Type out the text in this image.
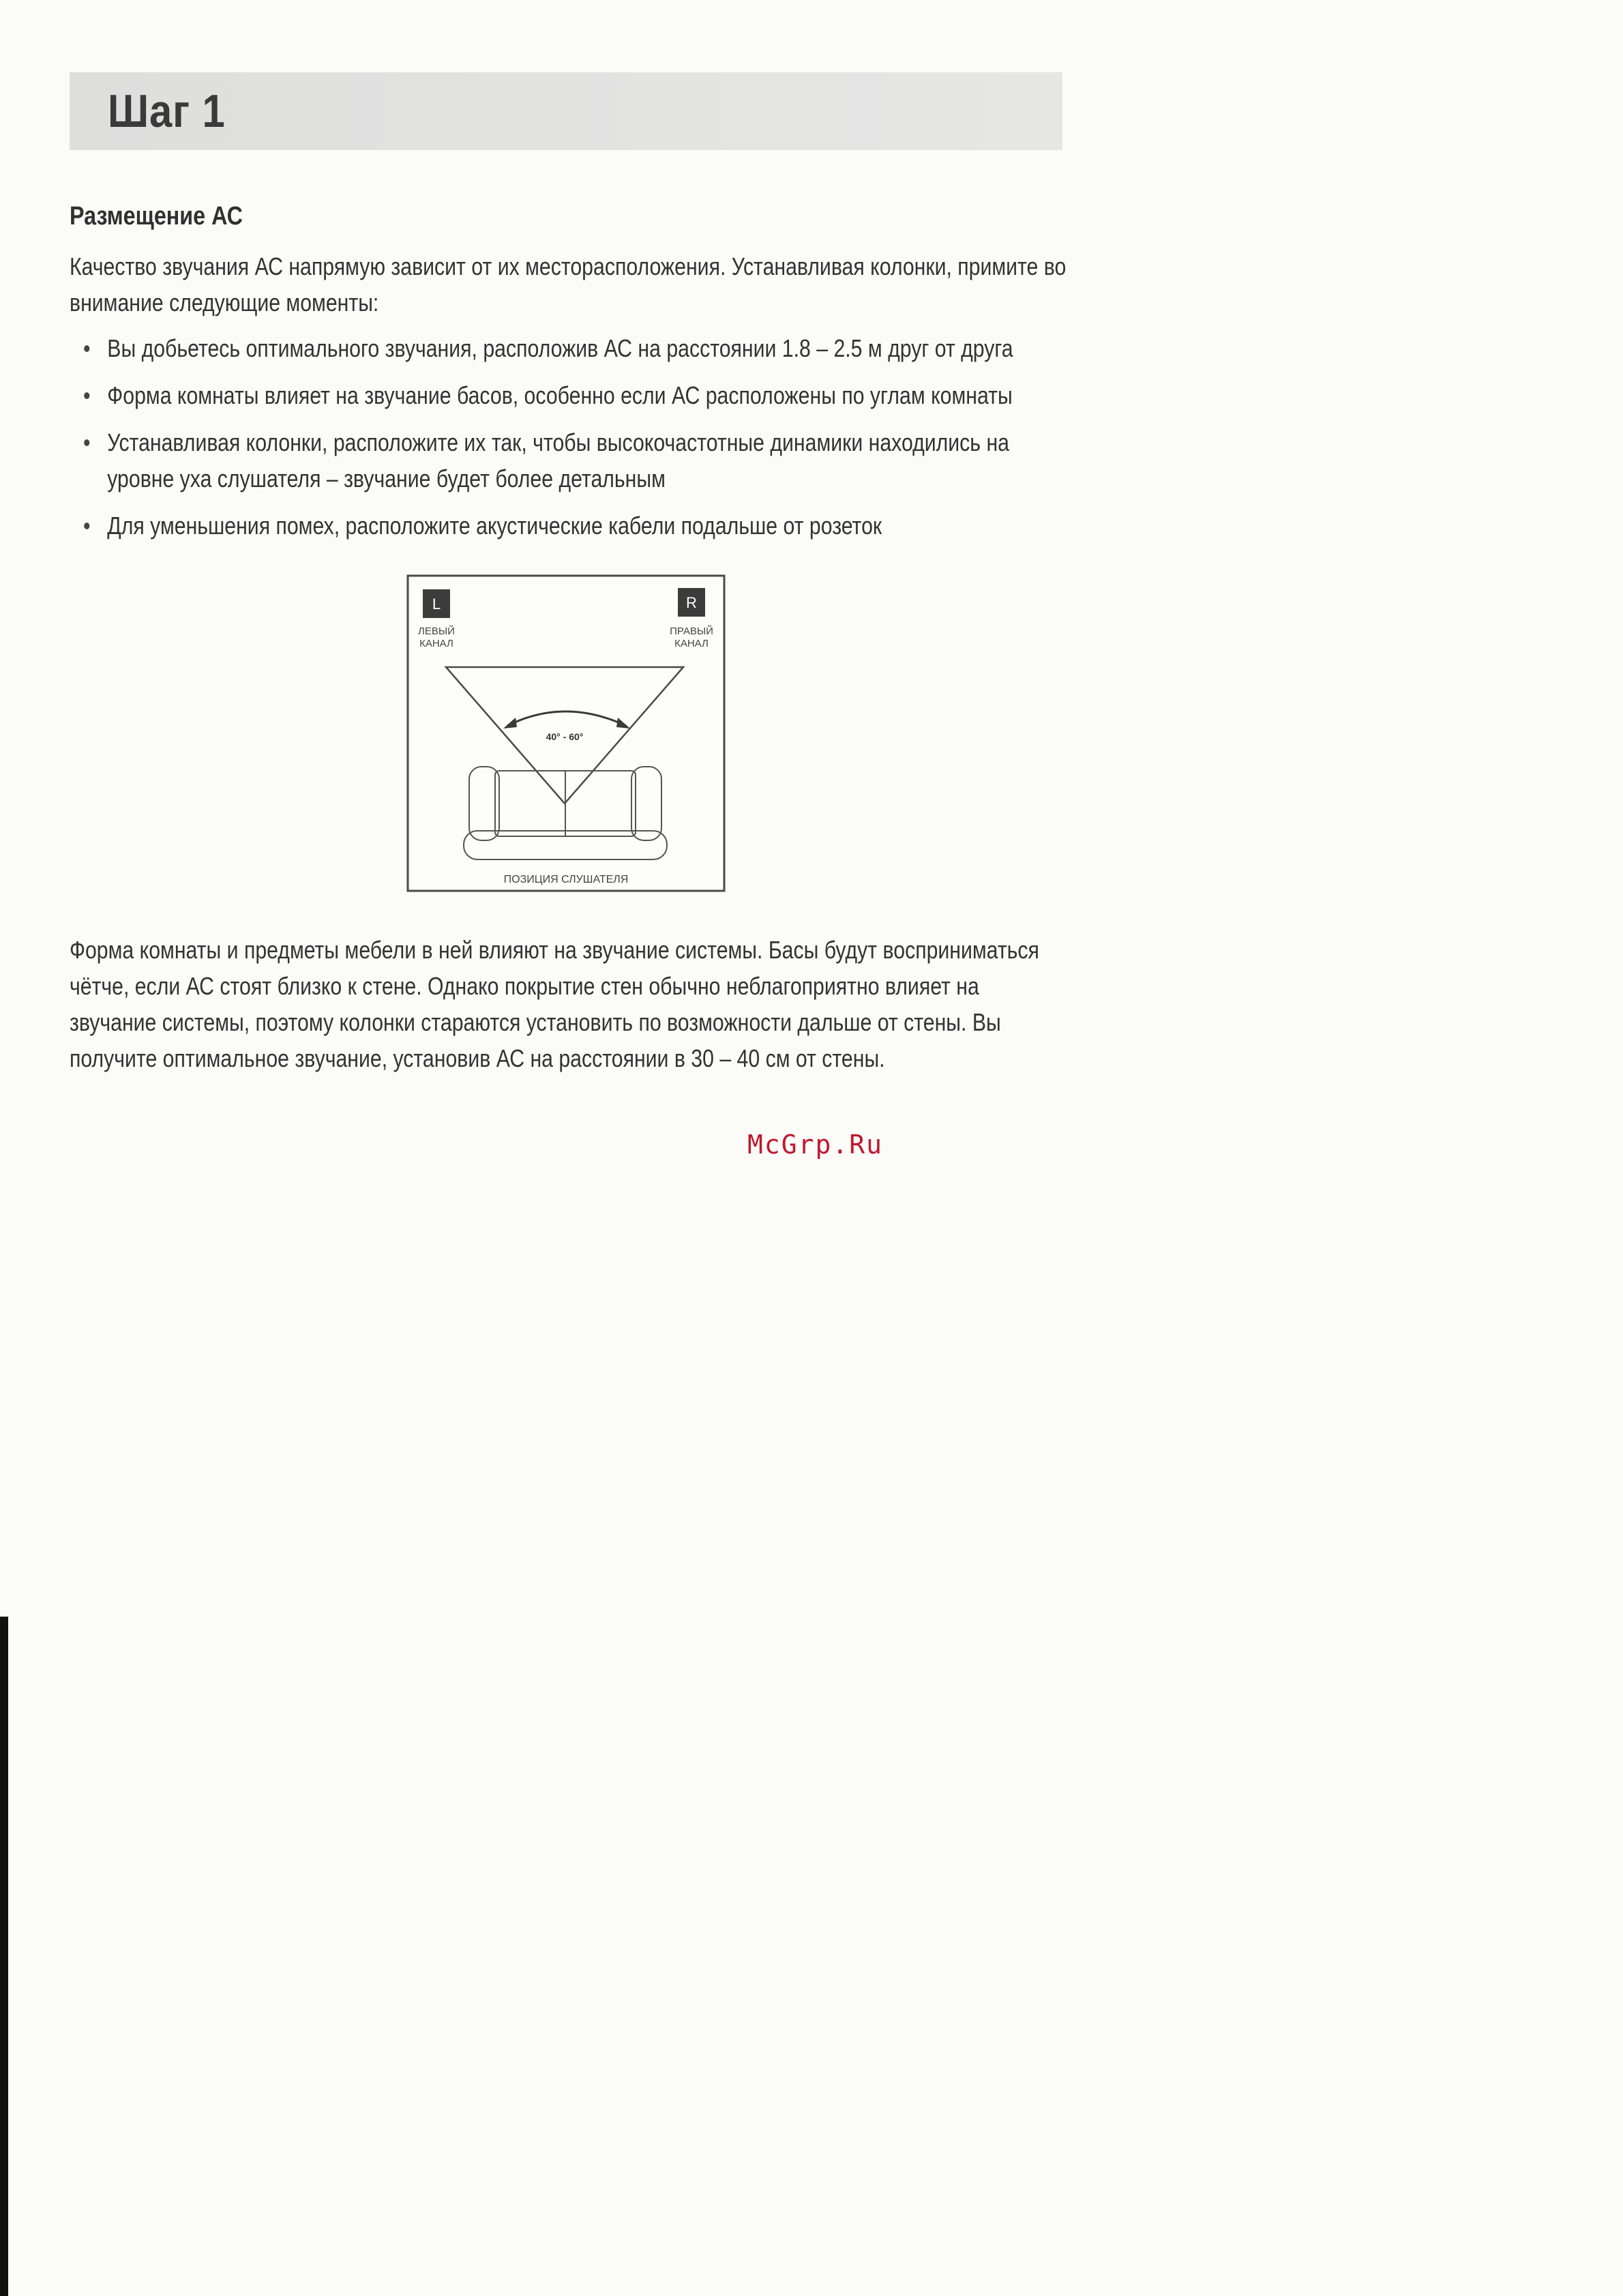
Шаг 1
Размещение АС
Качество звучания АС напрямую зависит от их месторасположения. Устанавливая колонки, примите во внимание следующие моменты:
• Вы добьетесь оптимального звучания, расположив АС на расстоянии 1.8 – 2.5 м друг от друга
• Форма комнаты влияет на звучание басов, особенно если АС расположены по углам комнаты
• Устанавливая колонки, расположите их так, чтобы высокочастотные динамики находились на уровне уха слушателя – звучание будет более детальным
• Для уменьшения помех, расположите акустические кабели подальше от розеток
L
ЛЕВЫЙ
КАНАЛ
R
ПРАВЫЙ
КАНАЛ
40° - 60°
ПОЗИЦИЯ СЛУШАТЕЛЯ
Форма комнаты и предметы мебели в ней влияют на звучание системы. Басы будут восприниматься чётче, если АС стоят близко к стене. Однако покрытие стен обычно неблагоприятно влияет на звучание системы, поэтому колонки стараются установить по возможности дальше от стены. Вы получите оптимальное звучание, установив АС на расстоянии в 30 – 40 см от стены.
McGrp.Ru
